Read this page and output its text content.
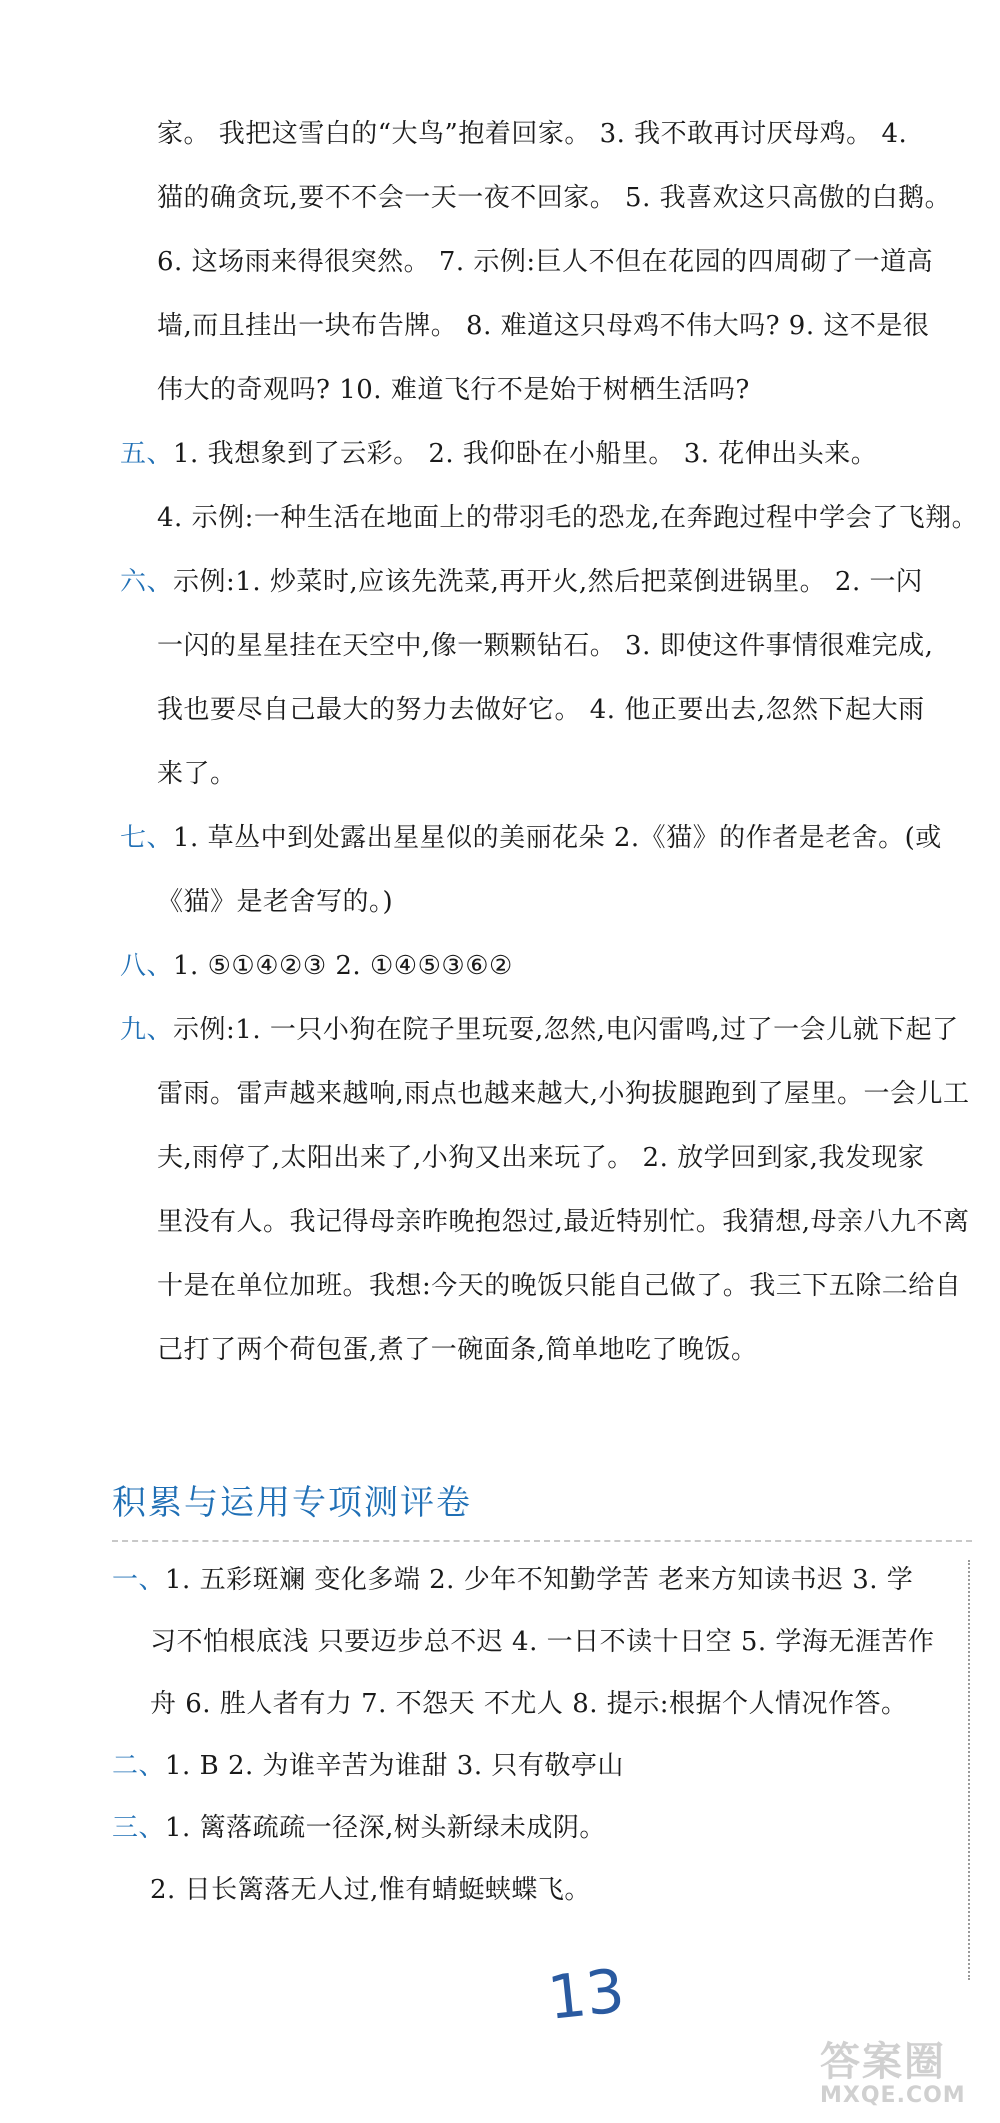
家。 我把这雪白的“大鸟”抱着回家。 3. 我不敢再讨厌母鸡。 4.
猫的确贪玩,要不不会一天一夜不回家。 5. 我喜欢这只高傲的白鹅。
6. 这场雨来得很突然。 7. 示例:巨人不但在花园的四周砌了一道高
墙,而且挂出一块布告牌。 8. 难道这只母鸡不伟大吗? 9. 这不是很
伟大的奇观吗? 10. 难道飞行不是始于树栖生活吗?
五、1. 我想象到了云彩。 2. 我仰卧在小船里。 3. 花伸出头来。
4. 示例:一种生活在地面上的带羽毛的恐龙,在奔跑过程中学会了飞翔。
六、示例:1. 炒菜时,应该先洗菜,再开火,然后把菜倒进锅里。 2. 一闪
一闪的星星挂在天空中,像一颗颗钻石。 3. 即使这件事情很难完成,
我也要尽自己最大的努力去做好它。 4. 他正要出去,忽然下起大雨
来了。
七、1. 草丛中到处露出星星似的美丽花朵 2.《猫》的作者是老舍。(或
《猫》是老舍写的。)
八、1. ⑤①④②③ 2. ①④⑤③⑥②
九、示例:1. 一只小狗在院子里玩耍,忽然,电闪雷鸣,过了一会儿就下起了
雷雨。雷声越来越响,雨点也越来越大,小狗拔腿跑到了屋里。一会儿工
夫,雨停了,太阳出来了,小狗又出来玩了。 2. 放学回到家,我发现家
里没有人。我记得母亲昨晚抱怨过,最近特别忙。我猜想,母亲八九不离
十是在单位加班。我想:今天的晚饭只能自己做了。我三下五除二给自
己打了两个荷包蛋,煮了一碗面条,简单地吃了晚饭。
积累与运用专项测评卷
一、1. 五彩斑斓 变化多端 2. 少年不知勤学苦 老来方知读书迟 3. 学
习不怕根底浅 只要迈步总不迟 4. 一日不读十日空 5. 学海无涯苦作
舟 6. 胜人者有力 7. 不怨天 不尤人 8. 提示:根据个人情况作答。
二、1. B 2. 为谁辛苦为谁甜 3. 只有敬亭山
三、1. 篱落疏疏一径深,树头新绿未成阴。
2. 日长篱落无人过,惟有蜻蜓蛱蝶飞。
13
答案圈
MXQE.COM
